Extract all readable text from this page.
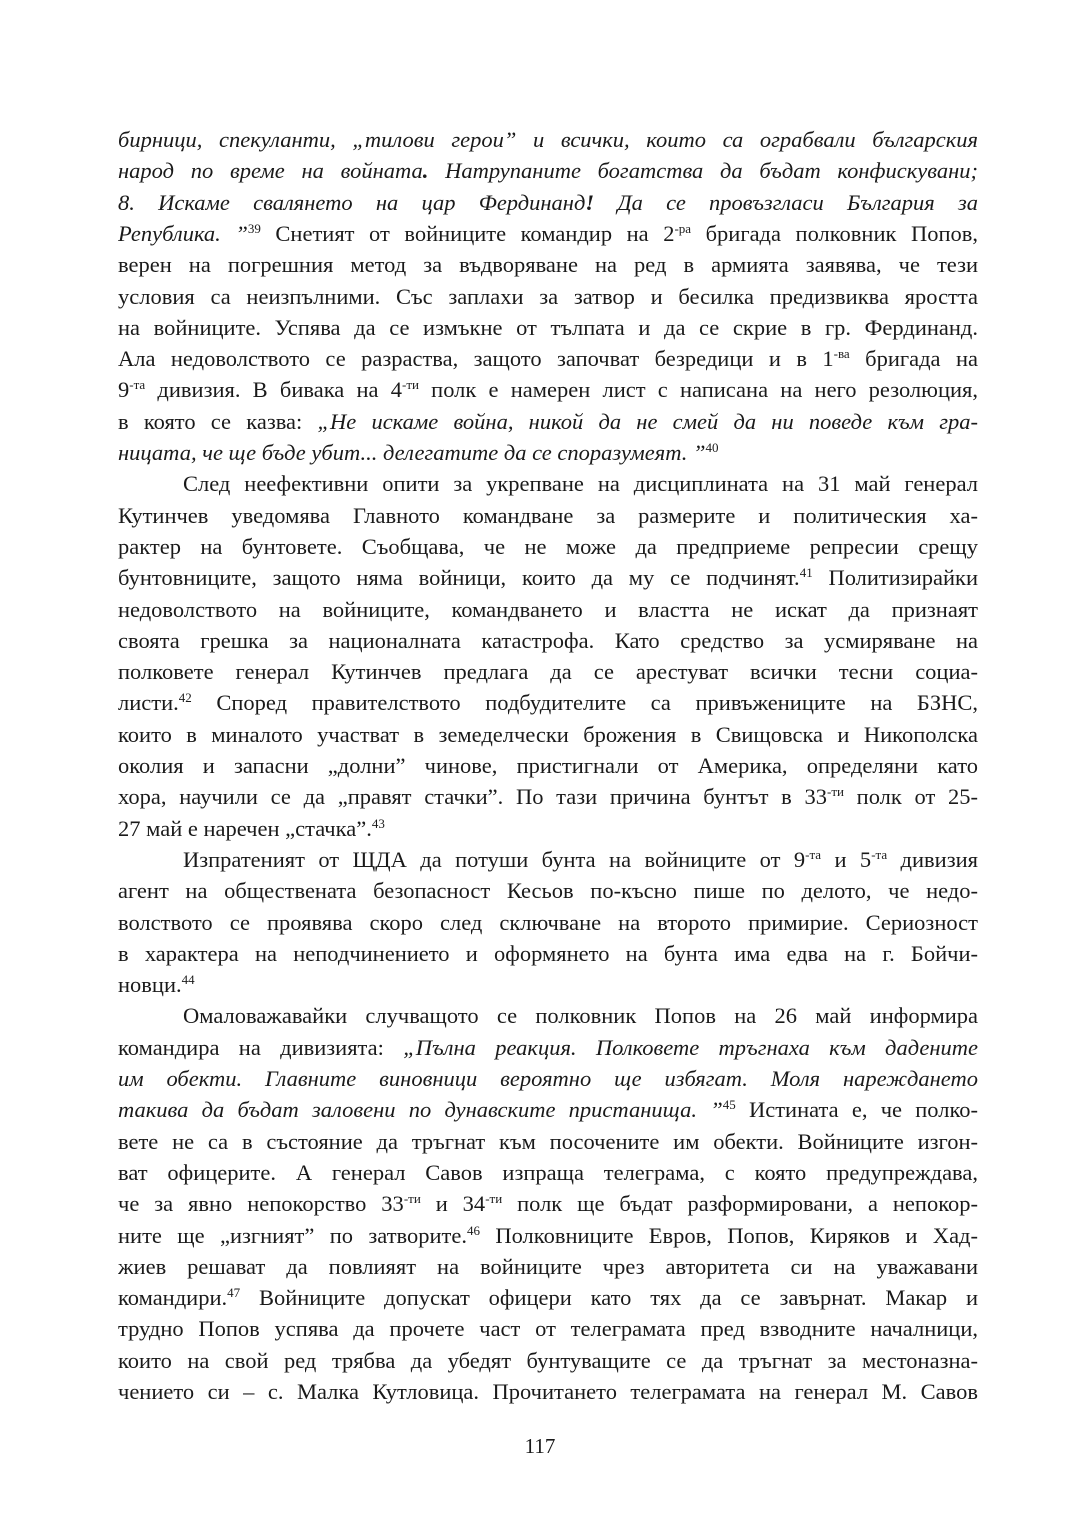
бирници, спекуланти, „тилови герои” и всички, които са ограбвали българския
народ по време на войната. Натрупаните богатства да бъдат конфискувани;
8. Искаме свалянето на цар Фердинанд! Да се провъзгласи България за
Република. ”$^{39}$ Снетият от войниците командир на $2^{-ра}$ бригада полковник Попов,
верен на погрешния метод за въдворяване на ред в армията заявява, че тези
условия са неизпълними. Със заплахи за затвор и бесилка предизвиква яростта
на войниците. Успява да се измъкне от тълпата и да се скрие в гр. Фердинанд.
Ала недоволството се разраства, защото започват безредици и в $1^{-ва}$ бригада на
$9^{-та}$ дивизия. В бивака на $4^{-ти}$ полк е намерен лист с написана на него резолюция,
в която се казва: „Не искаме война, никой да не смей да ни поведе към гра-
ницата, че ще бъде убит... делегатите да се споразумеят. ”$^{40}$
След неефективни опити за укрепване на дисциплината на 31 май генерал
Кутинчев уведомява Главното командване за размерите и политическия ха-
рактер на бунтовете. Съобщава, че не може да предприеме репресии срещу
бунтовниците, защото няма войници, които да му се подчинят.$^{41}$ Политизирайки
недоволството на войниците, командването и властта не искат да признаят
своята грешка за националната катастрофа. Като средство за усмиряване на
полковете генерал Кутинчев предлага да се арестуват всички тесни социа-
листи.$^{42}$ Според правителството подбудителите са привъжениците на БЗНС,
които в миналото участват в земеделчески брожения в Свищовска и Никополска
околия и запасни „долни” чинове, пристигнали от Америка, определяни като
хора, научили се да „правят стачки”. По тази причина бунтът в $33^{-ти}$ полк от 25-
27 май е наречен „стачка”.$^{43}$
Изпратеният от ЩДА да потуши бунта на войниците от $9^{-та}$ и $5^{-та}$ дивизия
агент на обществената безопасност Кесьов по-късно пише по делото, че недо-
волството се проявява скоро след сключване на второто примирие. Сериозност
в характера на неподчинението и оформянето на бунта има едва на г. Бойчи-
новци.$^{44}$
Омаловажавайки случващото се полковник Попов на 26 май информира
командира на дивизията: „Пълна реакция. Полковете тръгнаха към дадените
им обекти. Главните виновници вероятно ще избягат. Моля нареждането
такива да бъдат заловени по дунавските пристанища. ”$^{45}$ Истината е, че полко-
вете не са в състояние да тръгнат към посочените им обекти. Войниците изгон-
ват офицерите. А генерал Савов изпраща телеграма, с която предупреждава,
че за явно непокорство $33^{-ти}$ и $34^{-ти}$ полк ще бъдат разформировани, а непокор-
ните ще „изгният” по затворите.$^{46}$ Полковниците Евров, Попов, Киряков и Хад-
жиев решават да повлияят на войниците чрез авторитета си на уважавани
командири.$^{47}$ Войниците допускат офицери като тях да се завърнат. Макар и
трудно Попов успява да прочете част от телеграмата пред взводните началници,
които на свой ред трябва да убедят бунтуващите се да тръгнат за местоназна-
чението си – с. Малка Кутловица. Прочитането телеграмата на генерал М. Савов
117
